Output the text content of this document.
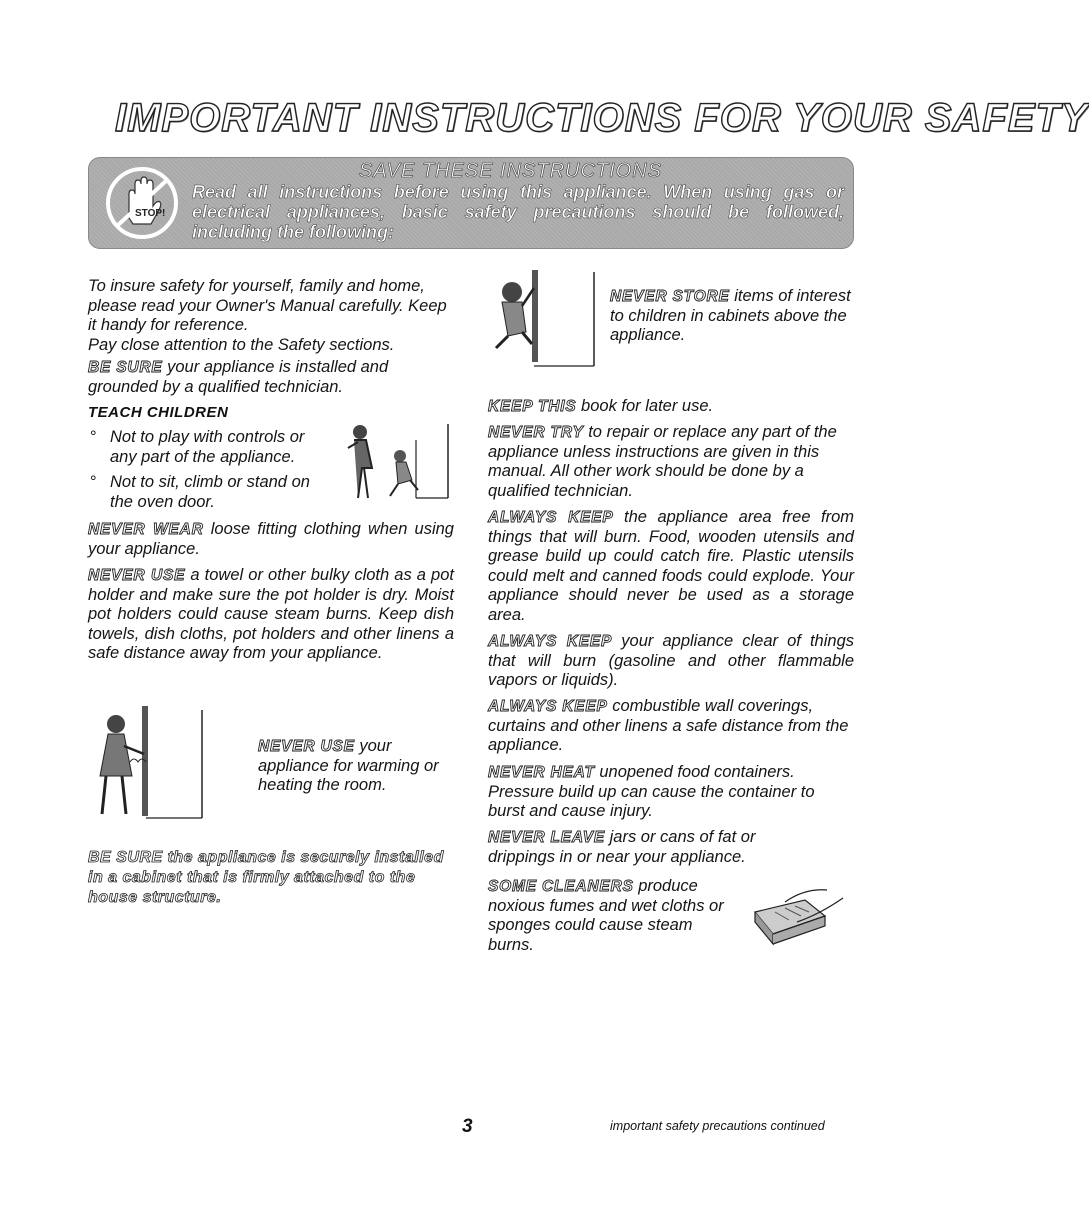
IMPORTANT INSTRUCTIONS FOR YOUR SAFETY
STOP!
SAVE THESE INSTRUCTIONS
Read all instructions before using this appliance. When using gas or electrical appliances, basic safety precautions should be followed, including the following:
To insure safety for yourself, family and home, please read your Owner's Manual carefully. Keep it handy for reference.
Pay close attention to the Safety sections.
BE SURE your appliance is installed and grounded by a qualified technician.
TEACH CHILDREN
° Not to play with controls or any part of the appliance.
° Not to sit, climb or stand on the oven door.
NEVER WEAR loose fitting clothing when using your appliance.
NEVER USE a towel or other bulky cloth as a pot holder and make sure the pot holder is dry. Moist pot holders could cause steam burns. Keep dish towels, dish cloths, pot holders and other linens a safe distance away from your appliance.
NEVER USE your appliance for warming or heating the room.
BE SURE the appliance is securely installed in a cabinet that is firmly attached to the house structure.
NEVER STORE items of interest to children in cabinets above the appliance.
KEEP THIS book for later use.
NEVER TRY to repair or replace any part of the appliance unless instructions are given in this manual. All other work should be done by a qualified technician.
ALWAYS KEEP the appliance area free from things that will burn. Food, wooden utensils and grease build up could catch fire. Plastic utensils could melt and canned foods could explode. Your appliance should never be used as a storage area.
ALWAYS KEEP your appliance clear of things that will burn (gasoline and other flammable vapors or liquids).
ALWAYS KEEP combustible wall coverings, curtains and other linens a safe distance from the appliance.
NEVER HEAT unopened food containers. Pressure build up can cause the container to burst and cause injury.
NEVER LEAVE jars or cans of fat or drippings in or near your appliance.
SOME CLEANERS produce noxious fumes and wet cloths or sponges could cause steam burns.
3	important safety precautions continued
